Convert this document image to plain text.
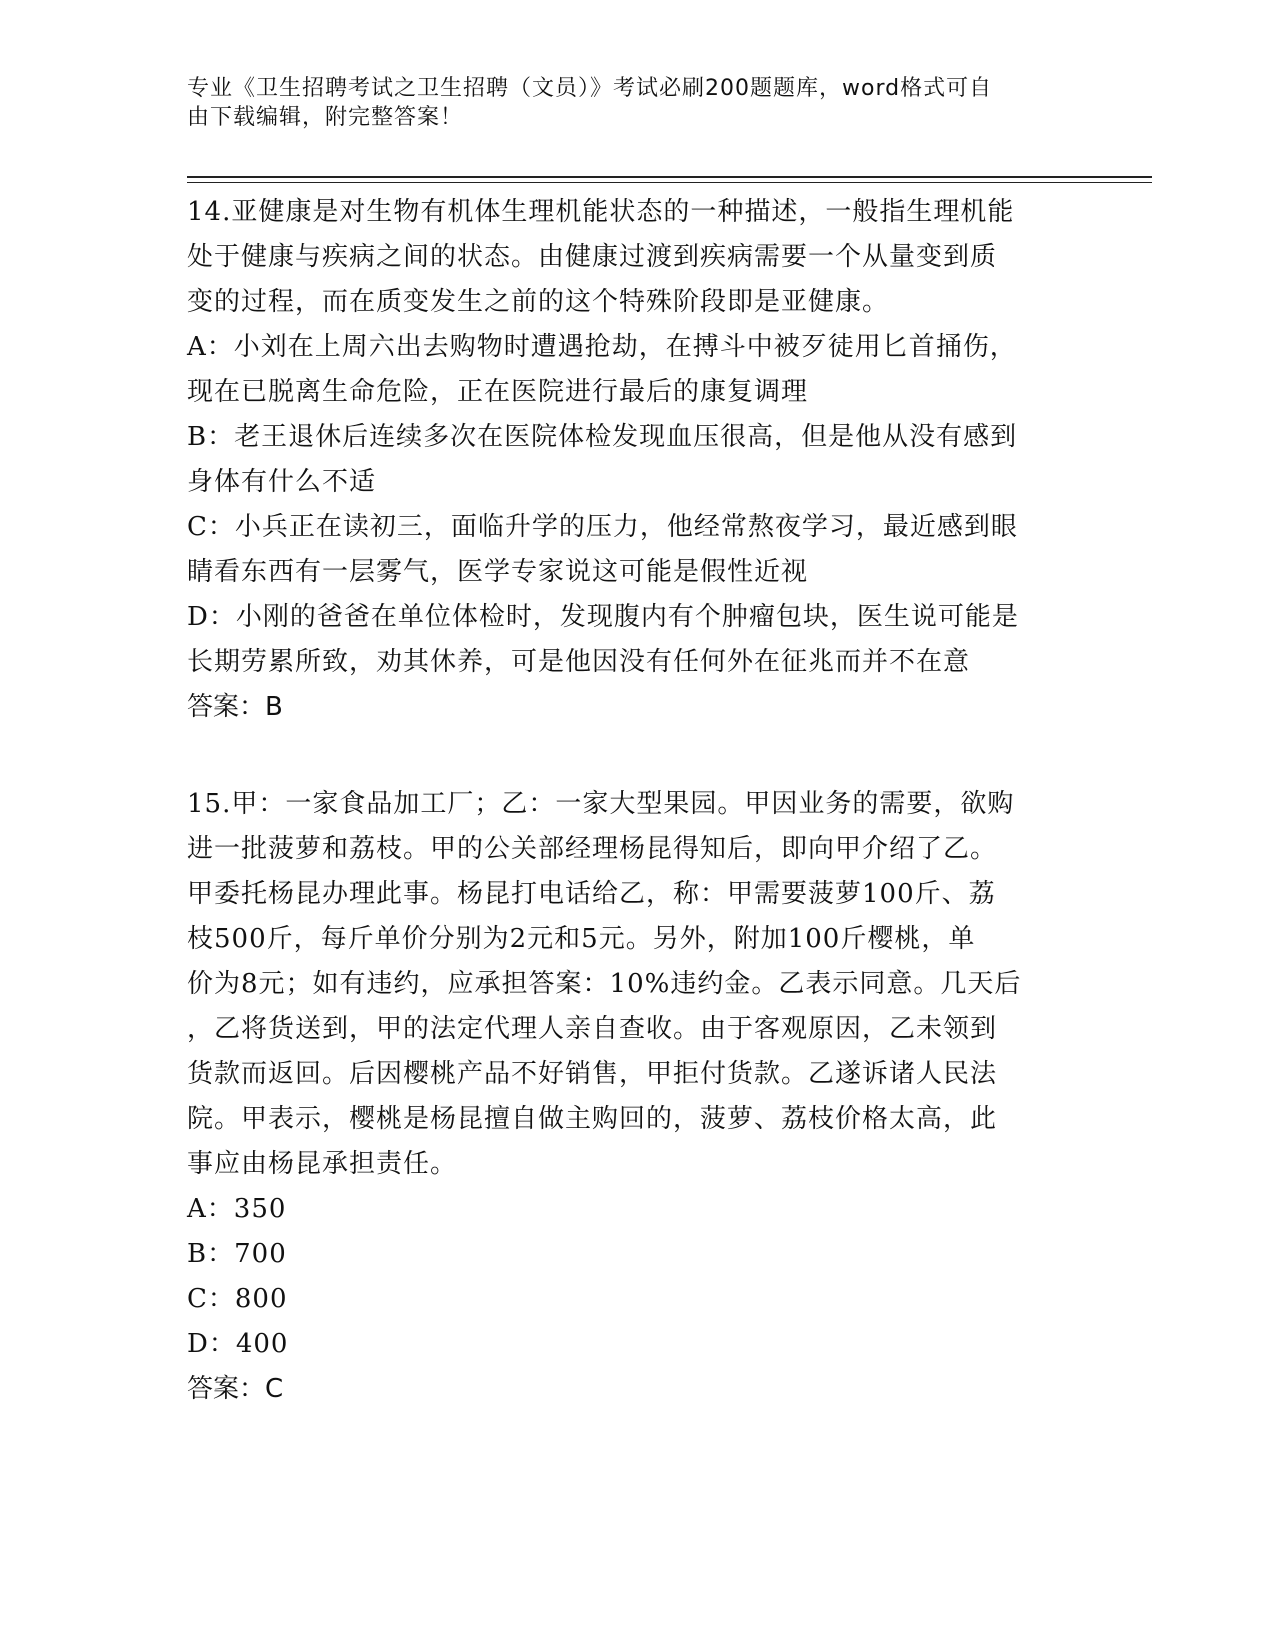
专业《卫生招聘考试之卫生招聘（文员）》考试必刷200题题库，word格式可自
由下载编辑，附完整答案！
14.亚健康是对生物有机体生理机能状态的一种描述，一般指生理机能
处于健康与疾病之间的状态。由健康过渡到疾病需要一个从量变到质
变的过程，而在质变发生之前的这个特殊阶段即是亚健康。
A：小刘在上周六出去购物时遭遇抢劫，在搏斗中被歹徒用匕首捅伤，
现在已脱离生命危险，正在医院进行最后的康复调理
B：老王退休后连续多次在医院体检发现血压很高，但是他从没有感到
身体有什么不适
C：小兵正在读初三，面临升学的压力，他经常熬夜学习，最近感到眼
睛看东西有一层雾气，医学专家说这可能是假性近视
D：小刚的爸爸在单位体检时，发现腹内有个肿瘤包块，医生说可能是
长期劳累所致，劝其休养，可是他因没有任何外在征兆而并不在意
答案：B
15.甲：一家食品加工厂；乙：一家大型果园。甲因业务的需要，欲购
进一批菠萝和荔枝。甲的公关部经理杨昆得知后，即向甲介绍了乙。
甲委托杨昆办理此事。杨昆打电话给乙，称：甲需要菠萝100斤、荔
枝500斤，每斤单价分别为2元和5元。另外，附加100斤樱桃，单
价为8元；如有违约，应承担答案：10%违约金。乙表示同意。几天后
，乙将货送到，甲的法定代理人亲自查收。由于客观原因，乙未领到
货款而返回。后因樱桃产品不好销售，甲拒付货款。乙遂诉诸人民法
院。甲表示，樱桃是杨昆擅自做主购回的，菠萝、荔枝价格太高，此
事应由杨昆承担责任。
A：350
B：700
C：800
D：400
答案：C
